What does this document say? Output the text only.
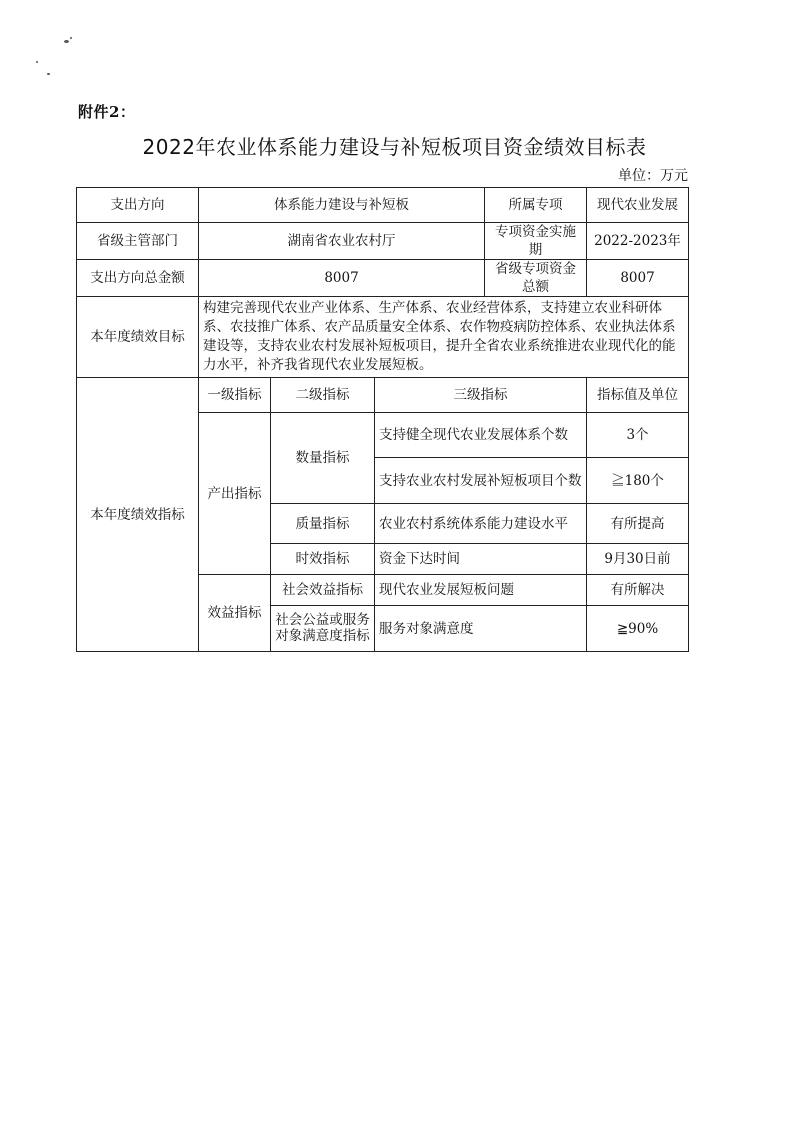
附件2：
2022年农业体系能力建设与补短板项目资金绩效目标表
单位：万元
支出方向	体系能力建设与补短板			所属专项	现代农业发展
省级主管部门	湖南省农业农村厅			专项资金实施期	2022-2023年
支出方向总金额	8007			省级专项资金总额	8007
本年度绩效目标	构建完善现代农业产业体系、生产体系、农业经营体系，支持建立农业科研体系、农技推广体系、农产品质量安全体系、农作物疫病防控体系、农业执法体系建设等，支持农业农村发展补短板项目，提升全省农业系统推进农业现代化的能力水平，补齐我省现代农业发展短板。				
本年度绩效指标	一级指标	二级指标	三级指标		指标值及单位
	产出指标	数量指标	支持健全现代农业发展体系个数		3个
			支持农业农村发展补短板项目个数		≧180个
		质量指标	农业农村系统体系能力建设水平		有所提高
		时效指标	资金下达时间		9月30日前
	效益指标	社会效益指标	现代农业发展短板问题		有所解决

		社会公益或服务对象满意度指标	服务对象满意度		≧90%
